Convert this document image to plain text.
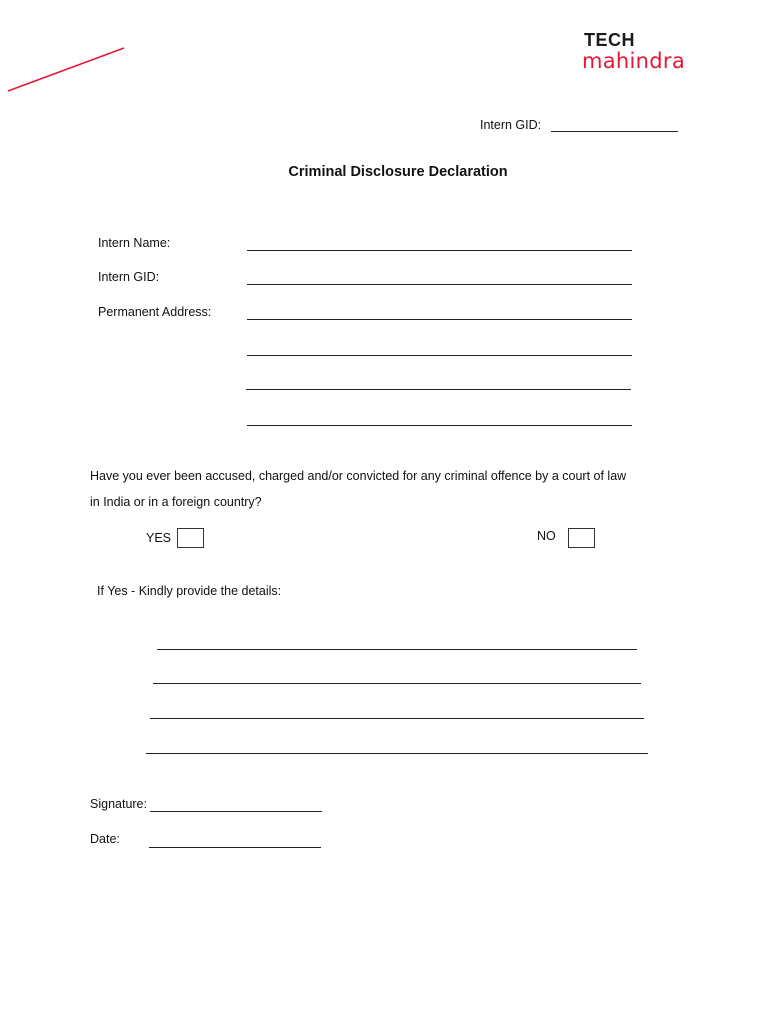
TECH
mahindra
Intern GID:
Criminal Disclosure Declaration
Intern Name:
Intern GID:
Permanent Address:
Have you ever been accused, charged and/or convicted for any criminal offence by a court of law
in India or in a foreign country?
YES	NO
If Yes - Kindly provide the details:
Signature:
Date:
